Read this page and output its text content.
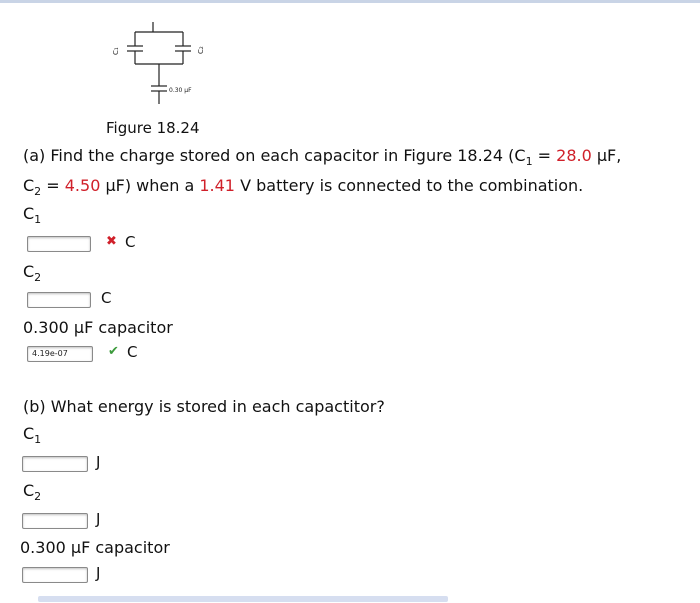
C₁	C₂
0.30 μF
Figure 18.24
(a) Find the charge stored on each capacitor in Figure 18.24 ($C_1 = 28.0$ μF,
$C_2 = 4.50$ μF) when a 1.41 V battery is connected to the combination.
$C_1$
✖ C
$C_2$
C
0.300 μF capacitor
4.19e-07	✔ C
(b) What energy is stored in each capactitor?
$C_1$
J
$C_2$
J
0.300 μF capacitor
J
